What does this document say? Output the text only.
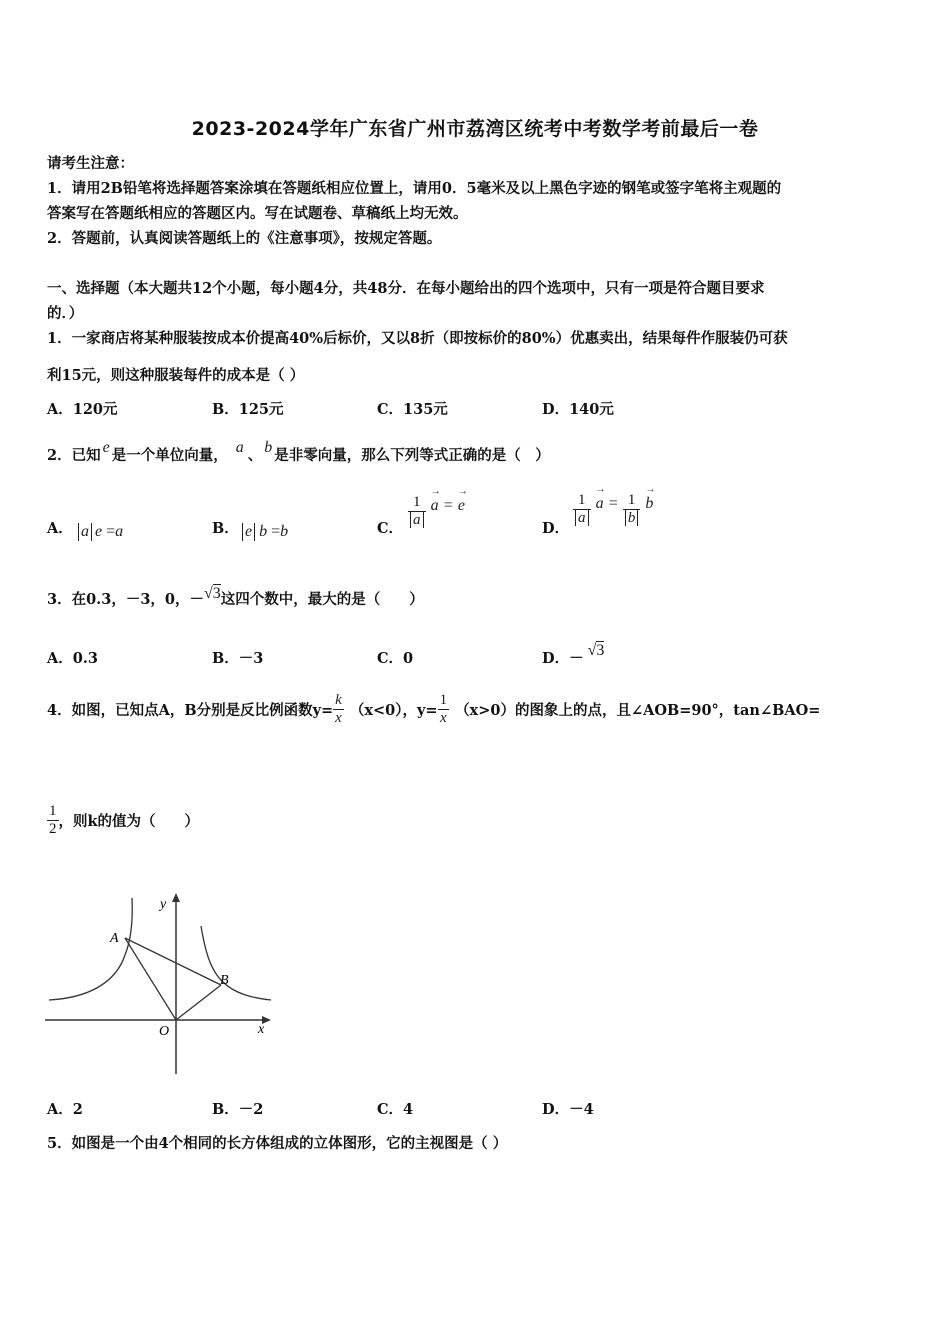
2023-2024学年广东省广州市荔湾区统考中考数学考前最后一卷
请考生注意：
1．请用2B铅笔将选择题答案涂填在答题纸相应位置上，请用0．5毫米及以上黑色字迹的钢笔或签字笔将主观题的
答案写在答题纸相应的答题区内。写在试题卷、草稿纸上均无效。
2．答题前，认真阅读答题纸上的《注意事项》，按规定答题。
一、选择题（本大题共12个小题，每小题4分，共48分．在每小题给出的四个选项中，只有一项是符合题目要求
的．）
1．一家商店将某种服装按成本价提高40%后标价，又以8折（即按标价的80%）优惠卖出，结果每件作服装仍可获
利15元，则这种服装每件的成本是（ ）
A．120元	B．125元	C．135元	D．140元
2．已知 e 是一个单位向量， a 、 b 是非零向量，那么下列等式正确的是（　）
A． a e =a	B． e b =b	C．
$\frac{1}{a}$
→ a = → e
D．
$\frac{1}{a}$
→ $a = \frac{1}{b}$
→ b
3．在0.3，－3，0，－√3这四个数中，最大的是（　　）
A．0.3	B．－3	C．0	D．－ √3
4．如图，已知点A，B分别是反比例函数$y= \frac{k}{x} (x<0)$，$y= \frac{1}{x} (x>0)$的图象上的点，且∠AOB=90°，tan∠BAO=
$\frac{1}{2}$ ，则k的值为（　　）
y
x
A
B
O
A．2	B．－2	C．4	D．－4
5．如图是一个由4个相同的长方体组成的立体图形，它的主视图是（ ）
